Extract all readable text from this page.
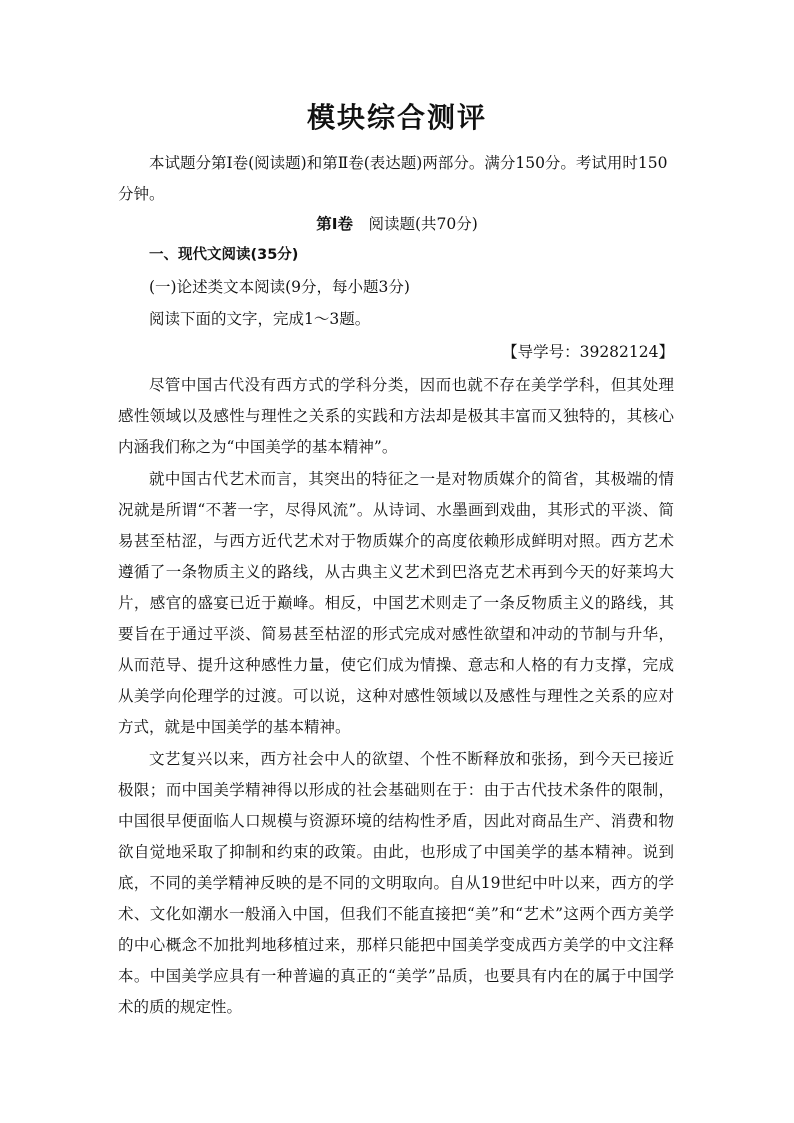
模块综合测评

本试题分第Ⅰ卷(阅读题)和第Ⅱ卷(表达题)两部分。满分150分。考试用时150分钟。

第Ⅰ卷　阅读题(共70分)

一、现代文阅读(35分)

(一)论述类文本阅读(9分，每小题3分)

阅读下面的文字，完成1～3题。

【导学号：39282124】

尽管中国古代没有西方式的学科分类，因而也就不存在美学学科，但其处理感性领域以及感性与理性之关系的实践和方法却是极其丰富而又独特的，其核心内涵我们称之为“中国美学的基本精神”。

就中国古代艺术而言，其突出的特征之一是对物质媒介的简省，其极端的情况就是所谓“不著一字，尽得风流”。从诗词、水墨画到戏曲，其形式的平淡、简易甚至枯涩，与西方近代艺术对于物质媒介的高度依赖形成鲜明对照。西方艺术遵循了一条物质主义的路线，从古典主义艺术到巴洛克艺术再到今天的好莱坞大片，感官的盛宴已近于巅峰。相反，中国艺术则走了一条反物质主义的路线，其要旨在于通过平淡、简易甚至枯涩的形式完成对感性欲望和冲动的节制与升华，从而范导、提升这种感性力量，使它们成为情操、意志和人格的有力支撑，完成从美学向伦理学的过渡。可以说，这种对感性领域以及感性与理性之关系的应对方式，就是中国美学的基本精神。

文艺复兴以来，西方社会中人的欲望、个性不断释放和张扬，到今天已接近极限；而中国美学精神得以形成的社会基础则在于：由于古代技术条件的限制，中国很早便面临人口规模与资源环境的结构性矛盾，因此对商品生产、消费和物欲自觉地采取了抑制和约束的政策。由此，也形成了中国美学的基本精神。说到底，不同的美学精神反映的是不同的文明取向。自从19世纪中叶以来，西方的学术、文化如潮水一般涌入中国，但我们不能直接把“美”和“艺术”这两个西方美学的中心概念不加批判地移植过来，那样只能把中国美学变成西方美学的中文注释本。中国美学应具有一种普遍的真正的“美学”品质，也要具有内在的属于中国学术的质的规定性。
